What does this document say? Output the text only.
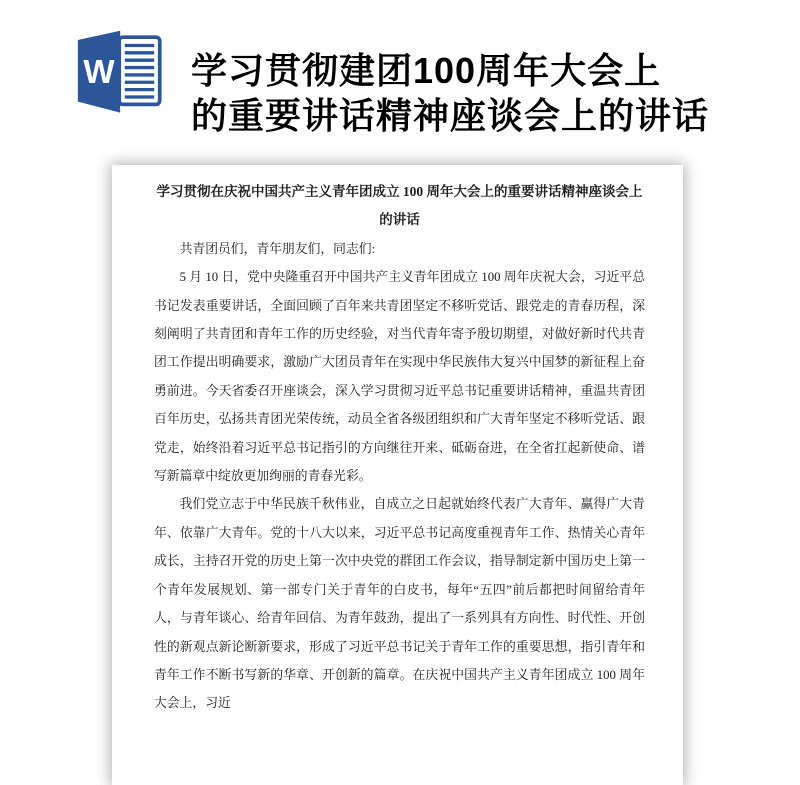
W 学习贯彻建团100周年大会上
的重要讲话精神座谈会上的讲话
学习贯彻在庆祝中国共产主义青年团成立 100 周年大会上的重要讲话精神座谈会上的讲话

共青团员们，青年朋友们，同志们:

5 月 10 日，党中央隆重召开中国共产主义青年团成立 100 周年庆祝大会，习近平总书记发表重要讲话，全面回顾了百年来共青团坚定不移听党话、跟党走的青春历程，深刻阐明了共青团和青年工作的历史经验，对当代青年寄予殷切期望，对做好新时代共青团工作提出明确要求，激励广大团员青年在实现中华民族伟大复兴中国梦的新征程上奋勇前进。今天省委召开座谈会，深入学习贯彻习近平总书记重要讲话精神，重温共青团百年历史，弘扬共青团光荣传统，动员全省各级团组织和广大青年坚定不移听党话、跟党走，始终沿着习近平总书记指引的方向继往开来、砥砺奋进，在全省扛起新使命、谱写新篇章中绽放更加绚丽的青春光彩。

我们党立志于中华民族千秋伟业，自成立之日起就始终代表广大青年、赢得广大青年、依靠广大青年。党的十八大以来，习近平总书记高度重视青年工作、热情关心青年成长，主持召开党的历史上第一次中央党的群团工作会议，指导制定新中国历史上第一个青年发展规划、第一部专门关于青年的白皮书，每年“五四”前后都把时间留给青年人，与青年谈心、给青年回信、为青年鼓劲，提出了一系列具有方向性、时代性、开创性的新观点新论断新要求，形成了习近平总书记关于青年工作的重要思想，指引青年和青年工作不断书写新的华章、开创新的篇章。在庆祝中国共产主义青年团成立 100 周年大会上，习近
